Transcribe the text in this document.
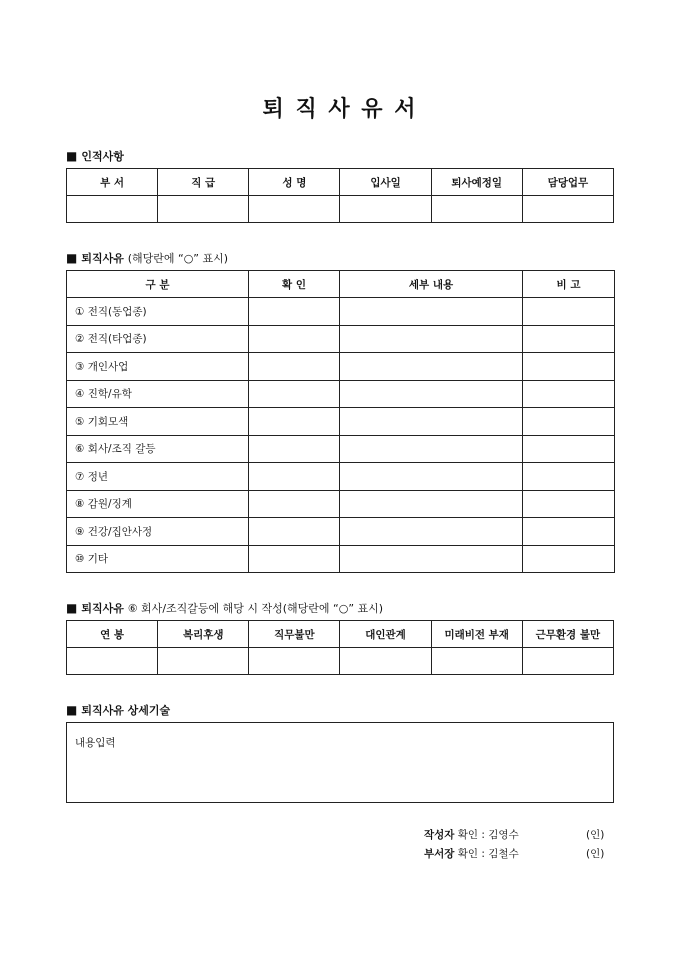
퇴 직 사 유 서
■ 인적사항
부 서	직 급	성 명	입사일	퇴사예정일	담당업무

■ 퇴직사유 (해당란에 “○” 표시)
구 분	확 인	세부 내용	비 고
① 전직(동업종)			
② 전직(타업종)			
③ 개인사업			
④ 진학/유학			
⑤ 기회모색			
⑥ 회사/조직 갈등			
⑦ 정년			
⑧ 감원/징계			
⑨ 건강/집안사정			
⑩ 기타			
■ 퇴직사유 ⑥ 회사/조직갈등에 해당 시 작성(해당란에 “○” 표시)
연 봉	복리후생	직무불만	대인관계	미래비전 부재	근무환경 불만

■ 퇴직사유 상세기술
내용입력
작성자 확인 : 김영수	(인)
부서장 확인 : 김철수	(인)
